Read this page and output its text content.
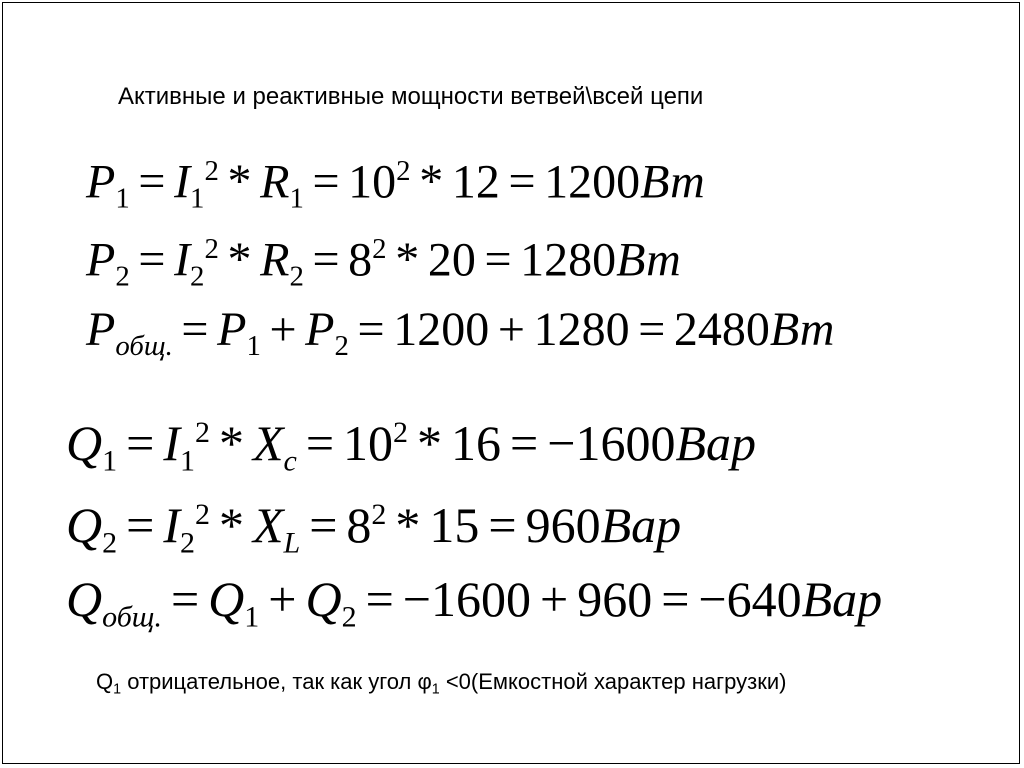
Активные и реактивные мощности ветвей\всей цепи
$P_1 = I_1^2 * R_1 = 10^2 * 12 = 1200Вт$
$P_2 = I_2^2 * R_2 = 8^2 * 20 = 1280Вт$
$P_{общ.} = P_1 + P_2 = 1200 + 1280 = 2480Вт$
$Q_1 = I_1^2 * X_c = 10^2 * 16 = -1600Вар$
$Q_2 = I_2^2 * X_L = 8^2 * 15 = 960Вар$
$Q_{общ.} = Q_1 + Q_2 = -1600 + 960 = -640Вар$
$Q_1$ отрицательное, так как угол $\varphi_1$ <0(Емкостной характер нагрузки)
